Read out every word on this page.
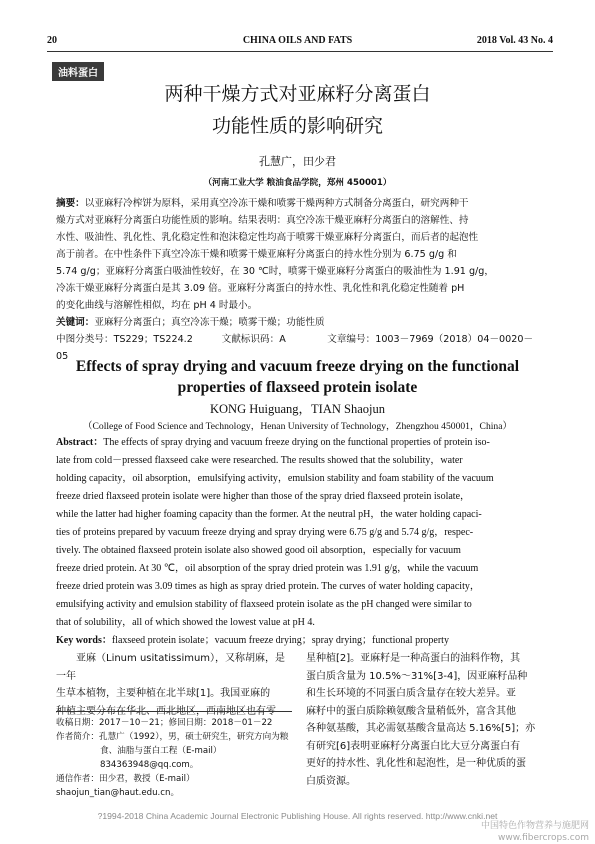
20	CHINA OILS AND FATS	2018 Vol. 43 No. 4
油料蛋白
两种干燥方式对亚麻籽分离蛋白
功能性质的影响研究
孔慧广，田少君
（河南工业大学 粮油食品学院，郑州 450001）
摘要：以亚麻籽冷榨饼为原料，采用真空冷冻干燥和喷雾干燥两种方式制备分离蛋白，研究两种干
燥方式对亚麻籽分离蛋白功能性质的影响。结果表明：真空冷冻干燥亚麻籽分离蛋白的溶解性、持
水性、吸油性、乳化性、乳化稳定性和泡沫稳定性均高于喷雾干燥亚麻籽分离蛋白，而后者的起泡性
高于前者。在中性条件下真空冷冻干燥和喷雾干燥亚麻籽分离蛋白的持水性分别为 6.75 g/g 和
5.74 g/g；亚麻籽分离蛋白吸油性较好，在 30 ℃时，喷雾干燥亚麻籽分离蛋白的吸油性为 1.91 g/g，
冷冻干燥亚麻籽分离蛋白是其 3.09 倍。亚麻籽分离蛋白的持水性、乳化性和乳化稳定性随着 pH
的变化曲线与溶解性相似，均在 pH 4 时最小。
关键词：亚麻籽分离蛋白；真空冷冻干燥；喷雾干燥；功能性质
中图分类号：TS229；TS224.2	文献标识码：A	文章编号：1003－7969（2018）04－0020－05
Effects of spray drying and vacuum freeze drying on the functional
properties of flaxseed protein isolate
KONG Huiguang，TIAN Shaojun
（College of Food Science and Technology，Henan University of Technology，Zhengzhou 450001，China）
Abstract：The effects of spray drying and vacuum freeze drying on the functional properties of protein iso-
late from cold－pressed flaxseed cake were researched. The results showed that the solubility，water
holding capacity，oil absorption，emulsifying activity，emulsion stability and foam stability of the vacuum
freeze dried flaxseed protein isolate were higher than those of the spray dried flaxseed protein isolate，
while the latter had higher foaming capacity than the former. At the neutral pH，the water holding capaci-
ties of proteins prepared by vacuum freeze drying and spray drying were 6.75 g/g and 5.74 g/g，respec-
tively. The obtained flaxseed protein isolate also showed good oil absorption，especially for vacuum
freeze dried protein. At 30 ℃，oil absorption of the spray dried protein was 1.91 g/g，while the vacuum
freeze dried protein was 3.09 times as high as spray dried protein. The curves of water holding capacity，
emulsifying activity and emulsion stability of flaxseed protein isolate as the pH changed were similar to
that of solubility，all of which showed the lowest value at pH 4.
Key words：flaxseed protein isolate；vacuum freeze drying；spray drying；functional property
亚麻（Linum usitatissimum），又称胡麻，是一年
生草本植物，主要种植在北半球[1]。我国亚麻的
种植主要分布在华北、西北地区，西南地区也有零
收稿日期：2017－10－21；修回日期：2018－01－22
作者简介：孔慧广（1992），男，硕士研究生，研究方向为粮
食、油脂与蛋白工程（E-mail）834363948@qq.com。
通信作者：田少君，教授（E-mail）shaojun_tian@haut.edu.cn。
星种植[2]。亚麻籽是一种高蛋白的油料作物，其
蛋白质含量为 10.5%～31%[3-4]，因亚麻籽品种
和生长环境的不同蛋白质含量存在较大差异。亚
麻籽中的蛋白质除赖氨酸含量稍低外，富含其他
各种氨基酸，其必需氨基酸含量高达 5.16%[5]；亦
有研究[6]表明亚麻籽分离蛋白比大豆分离蛋白有
更好的持水性、乳化性和起泡性，是一种优质的蛋
白质资源。
?1994-2018 China Academic Journal Electronic Publishing House. All rights reserved. http://www.cnki.net
中国特色作物营养与施肥网
www.fibercrops.com
